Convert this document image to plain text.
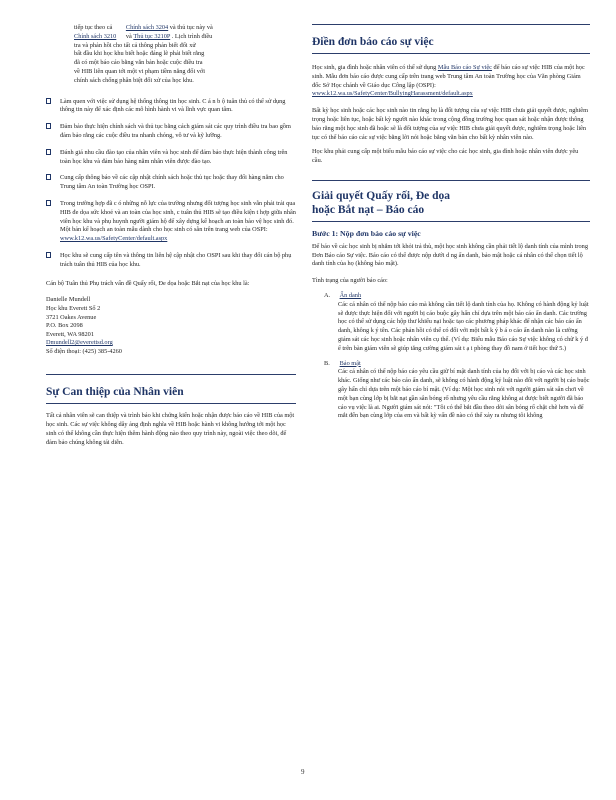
tiếp tục theo cả Chính sách 3204 và thủ tục này và
Chính sách 3210 và Thủ tục 3210P . Lịch trình điều
tra và phản hồi cho tất cả thông phản biết đối xử
bất đầu khi học khu biết hoặc đáng lẽ phải biết rằng
đã có một báo cáo bằng văn bản hoặc cuộc điều tra
về HIB liên quan tới một vi phạm tiềm năng đối với
chính sách chống phân biệt đối xử của học khu.
Làm quen với việc sử dụng hệ thống thông tin học sinh. C á n b ộ tuân thủ có thể sử dụng thông tin này để xác định các mô hình hành vi và lĩnh vực quan tâm.
Đảm bảo thực hiện chính sách và thủ tục bằng cách giám sát các quy trình điều tra bao gồm đảm bảo rằng các cuộc điều tra nhanh chóng, vô tư và kỹ lưỡng.
Đánh giá nhu cầu đào tạo của nhân viên và học sinh để đảm bảo thực hiện thành công trên toàn học khu và đảm bảo hàng năm nhân viên được đào tạo.
Cung cấp thông báo về các cập nhật chính sách hoặc thủ tục hoặc thay đổi hàng năm cho Trung tâm An toàn Trường học OSPI.
Trong trường hợp đã c ó những nỗ lực của trường nhưng đối tượng học sinh vẫn phải trải qua HIB đe dọa sức khoẻ và an toàn của học sinh, c tuân thủ HIB sẽ tạo điều kiện t hợp giữa nhân viên học khu và phụ huynh người giám hộ để xây dựng kế hoạch an toàn bảo vệ học sinh đó. Một bản kế hoạch an toàn mẫu dành cho học sinh có sẵn trên trang web của OSPI:
www.k12.wa.us/SafetyCenter/default.aspx
Học khu sẽ cung cấp tên và thông tin liên hệ cập nhật cho OSPI sau khi thay đổi cán bộ phụ trách tuân thủ HIB của học khu.

Cán bộ Tuân thủ Phụ trách vấn đề Quấy rối, Đe dọa hoặc Bắt nạt của học khu là:

Danielle Mundell
Học khu Everett Số 2
3721 Oakes Avenue
P.O. Box 2098
Everett, WA 98201
Dmundell2@everettsd.org
Số điện thoại: (425) 385-4260
Sự Can thiệp của Nhân viên

Tất cả nhân viên sẽ can thiệp và trình báo khi chứng kiến hoặc nhận được báo cáo về HIB của một học sinh. Các sự việc không dây ảng định nghĩa về HIB hoặc hành vi không hướng tới một học sinh có thể không cần thực hiện thêm hành động nào theo quy trình này, ngoài việc theo dõi, để đảm bảo chúng không tái diễn.

Điền đơn báo cáo sự việc

Học sinh, gia đình hoặc nhân viên có thể sử dụng Mẫu Báo cáo Sự việc để báo cáo sự việc HIB của một học sinh. Mẫu đơn báo cáo được cung cấp trên trang web Trung tâm An toàn Trường học của Văn phòng Giám đốc Sở Học chánh về Giáo dục Công lập (OSPI): www.k12.wa.us/SafetyCenter/BullyingHarassment/default.aspx

Bất kỳ học sinh hoặc các học sinh nào tin rằng họ là đối tượng của sự việc HIB chưa giải quyết được, nghiêm trọng hoặc liên tục, hoặc bất kỳ người nào khác trong cộng đồng trường học quan sát hoặc nhận được thông báo rằng một học sinh đã hoặc sẽ là đối tượng của sự việc HIB chưa giải quyết được, nghiêm trọng hoặc liên tục có thể báo cáo các sự việc bằng lời nói hoặc bằng văn bản cho bất kỳ nhân viên nào.

Học khu phải cung cấp một biểu mẫu báo cáo sự việc cho các học sinh, gia đình hoặc nhân viên được yêu cầu.

Giải quyết Quấy rối, Đe dọa
hoặc Bắt nạt – Báo cáo
Bước 1: Nộp đơn báo cáo sự việc

Để báo về các học sinh bị nhắm tới khỏi trả thù, một học sinh không cần phải tiết lộ danh tính của mình trong Đơn Báo cáo Sự việc. Báo cáo có thể được nộp dưới d ng ẩn danh, bảo mật hoặc cá nhân có thể chọn tiết lộ danh tính của họ (không bảo mật).

Tình trạng của người báo cáo:

A. Ẩn danh
Các cá nhân có thể nộp báo cáo mà không cần tiết lộ danh tính của họ. Không có hành động kỷ luật sẽ được thực hiện đối với người bị cáo buộc gây hấn chỉ dựa trên một báo cáo ẩn danh. Các trường học có thể sử dụng các hộp thư khiếu nại hoặc tạo các phương pháp khác để nhận các báo cáo ẩn danh, không k ý tên. Các phản hồi có thể có đối với một bất k ý b á o cáo ẩn danh nào là cường giám sát các học sinh hoặc nhân viên cụ thể. (Ví dụ: Biểu mẫu Báo cáo Sự việc không có chữ k ý đ ể trên bàn giám viên sẽ giúp tăng cường giám sát t ạ i phòng thay đồ nam ở tiết học thứ 5.)
B. Bảo mật
Các cá nhân có thể nộp báo cáo yêu cầu giữ bí mật danh tính của họ đối với bị cáo và các học sinh khác. Giống như các báo cáo ẩn danh, sẽ không có hành động kỷ luật nào đối với người bị cáo buộc gây hấn chỉ dựa trên một báo cáo bí mật. (Ví dụ: Một học sinh nói với người giám sát sân chơi về một bạn cùng lớp bị bắt nạt gần sân bóng rổ nhưng yêu cầu rằng không ai được biết người đã báo cáo vụ việc là ai. Người giám sát nói: "Tôi có thể bắt đầu theo dõi sân bóng rổ chặt chẽ hơn và để mắt đến bạn cùng lớp của em và bất kỳ vấn đề nào có thể xảy ra nhưng tôi không
9
